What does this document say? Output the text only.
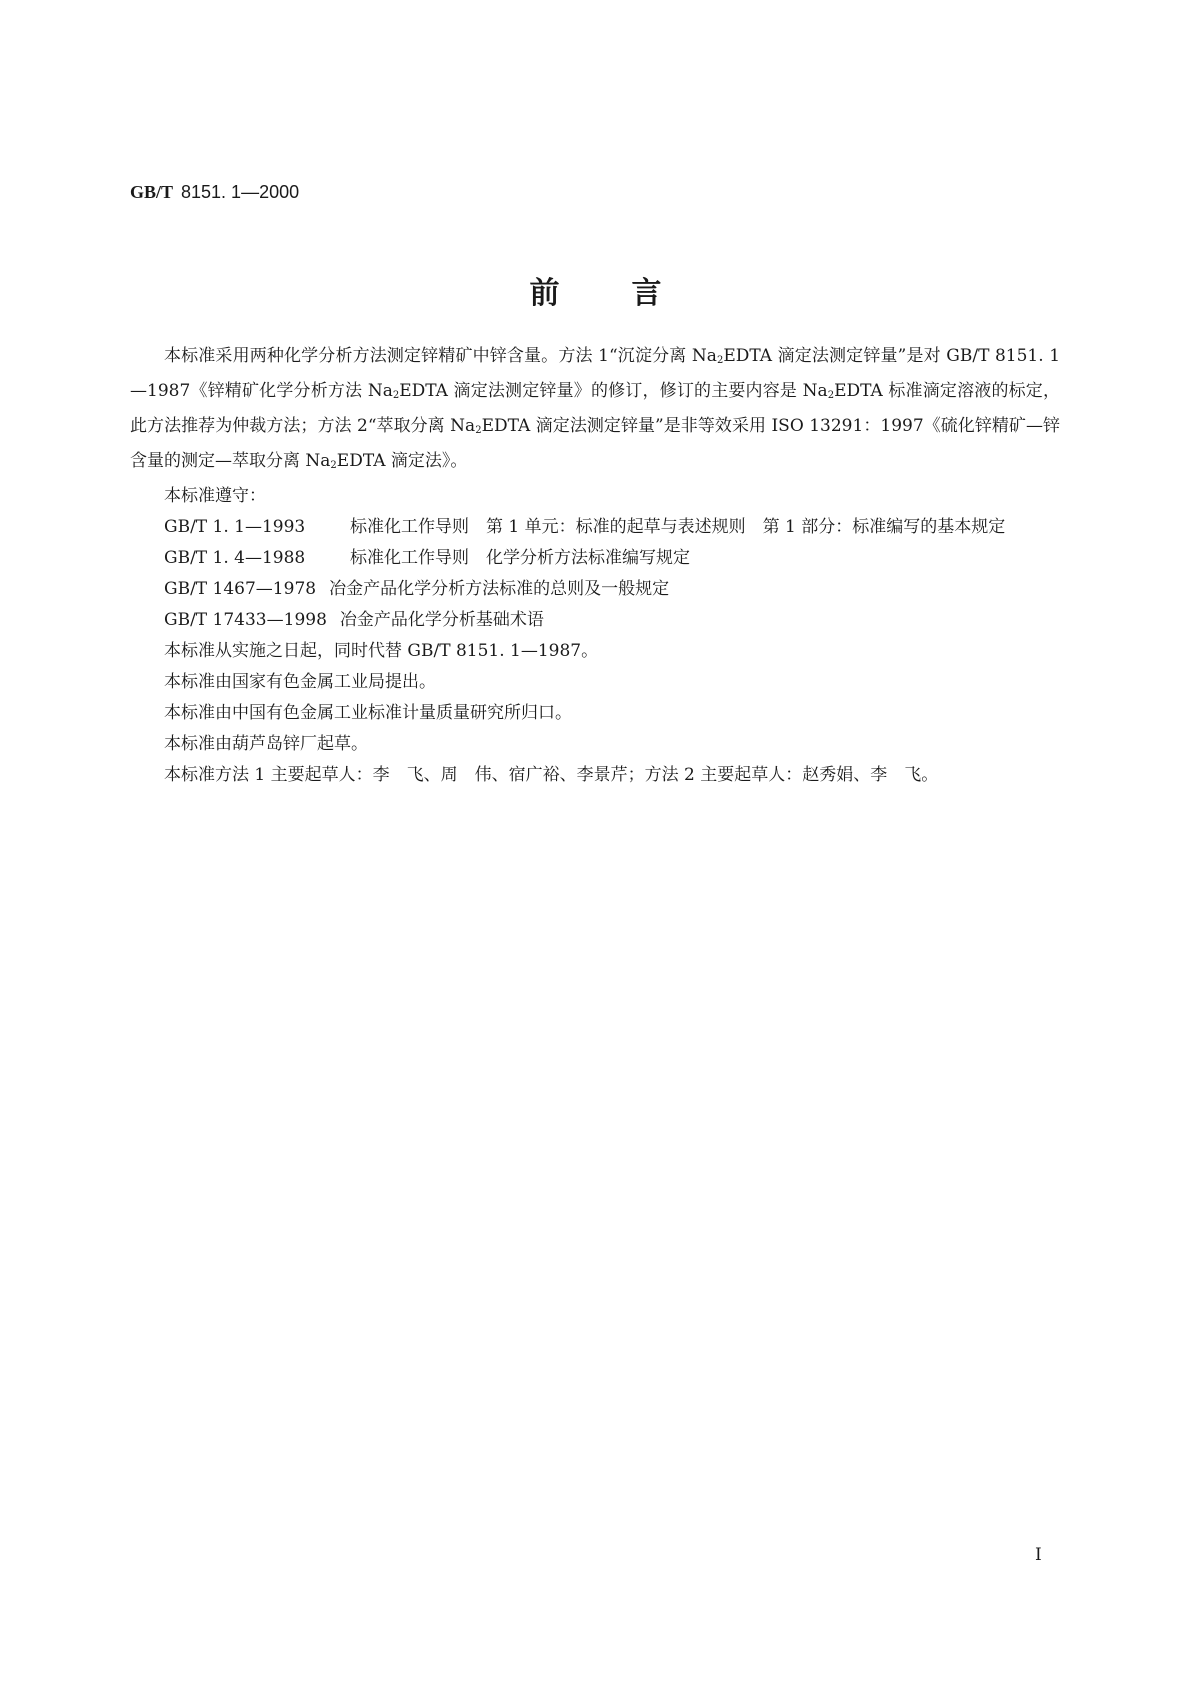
GB/T 8151. 1—2000
前言

本标准采用两种化学分析方法测定锌精矿中锌含量。方法 1“沉淀分离 $Na_2EDTA$ 滴定法测定锌量”是对 GB/T 8151. 1—1987《锌精矿化学分析方法 $Na_2EDTA$ 滴定法测定锌量》的修订，修订的主要内容是 $Na_2EDTA$ 标准滴定溶液的标定，此方法推荐为仲裁方法；方法 2“萃取分离 $Na_2EDTA$ 滴定法测定锌量”是非等效采用 ISO 13291：1997《硫化锌精矿—锌含量的测定—萃取分离 $Na_2EDTA$ 滴定法》。

本标准遵守：

GB/T 1. 1—1993	标准化工作导则　第 1 单元：标准的起草与表述规则　第 1 部分：标准编写的基本规定
GB/T 1. 4—1988	标准化工作导则　化学分析方法标准编写规定
GB/T 1467—1978 冶金产品化学分析方法标准的总则及一般规定
GB/T 17433—1998 冶金产品化学分析基础术语

本标准从实施之日起，同时代替 GB/T 8151. 1—1987。

本标准由国家有色金属工业局提出。

本标准由中国有色金属工业标准计量质量研究所归口。

本标准由葫芦岛锌厂起草。

本标准方法 1 主要起草人：李　飞、周　伟、宿广裕、李景芹；方法 2 主要起草人：赵秀娟、李　飞。

I
